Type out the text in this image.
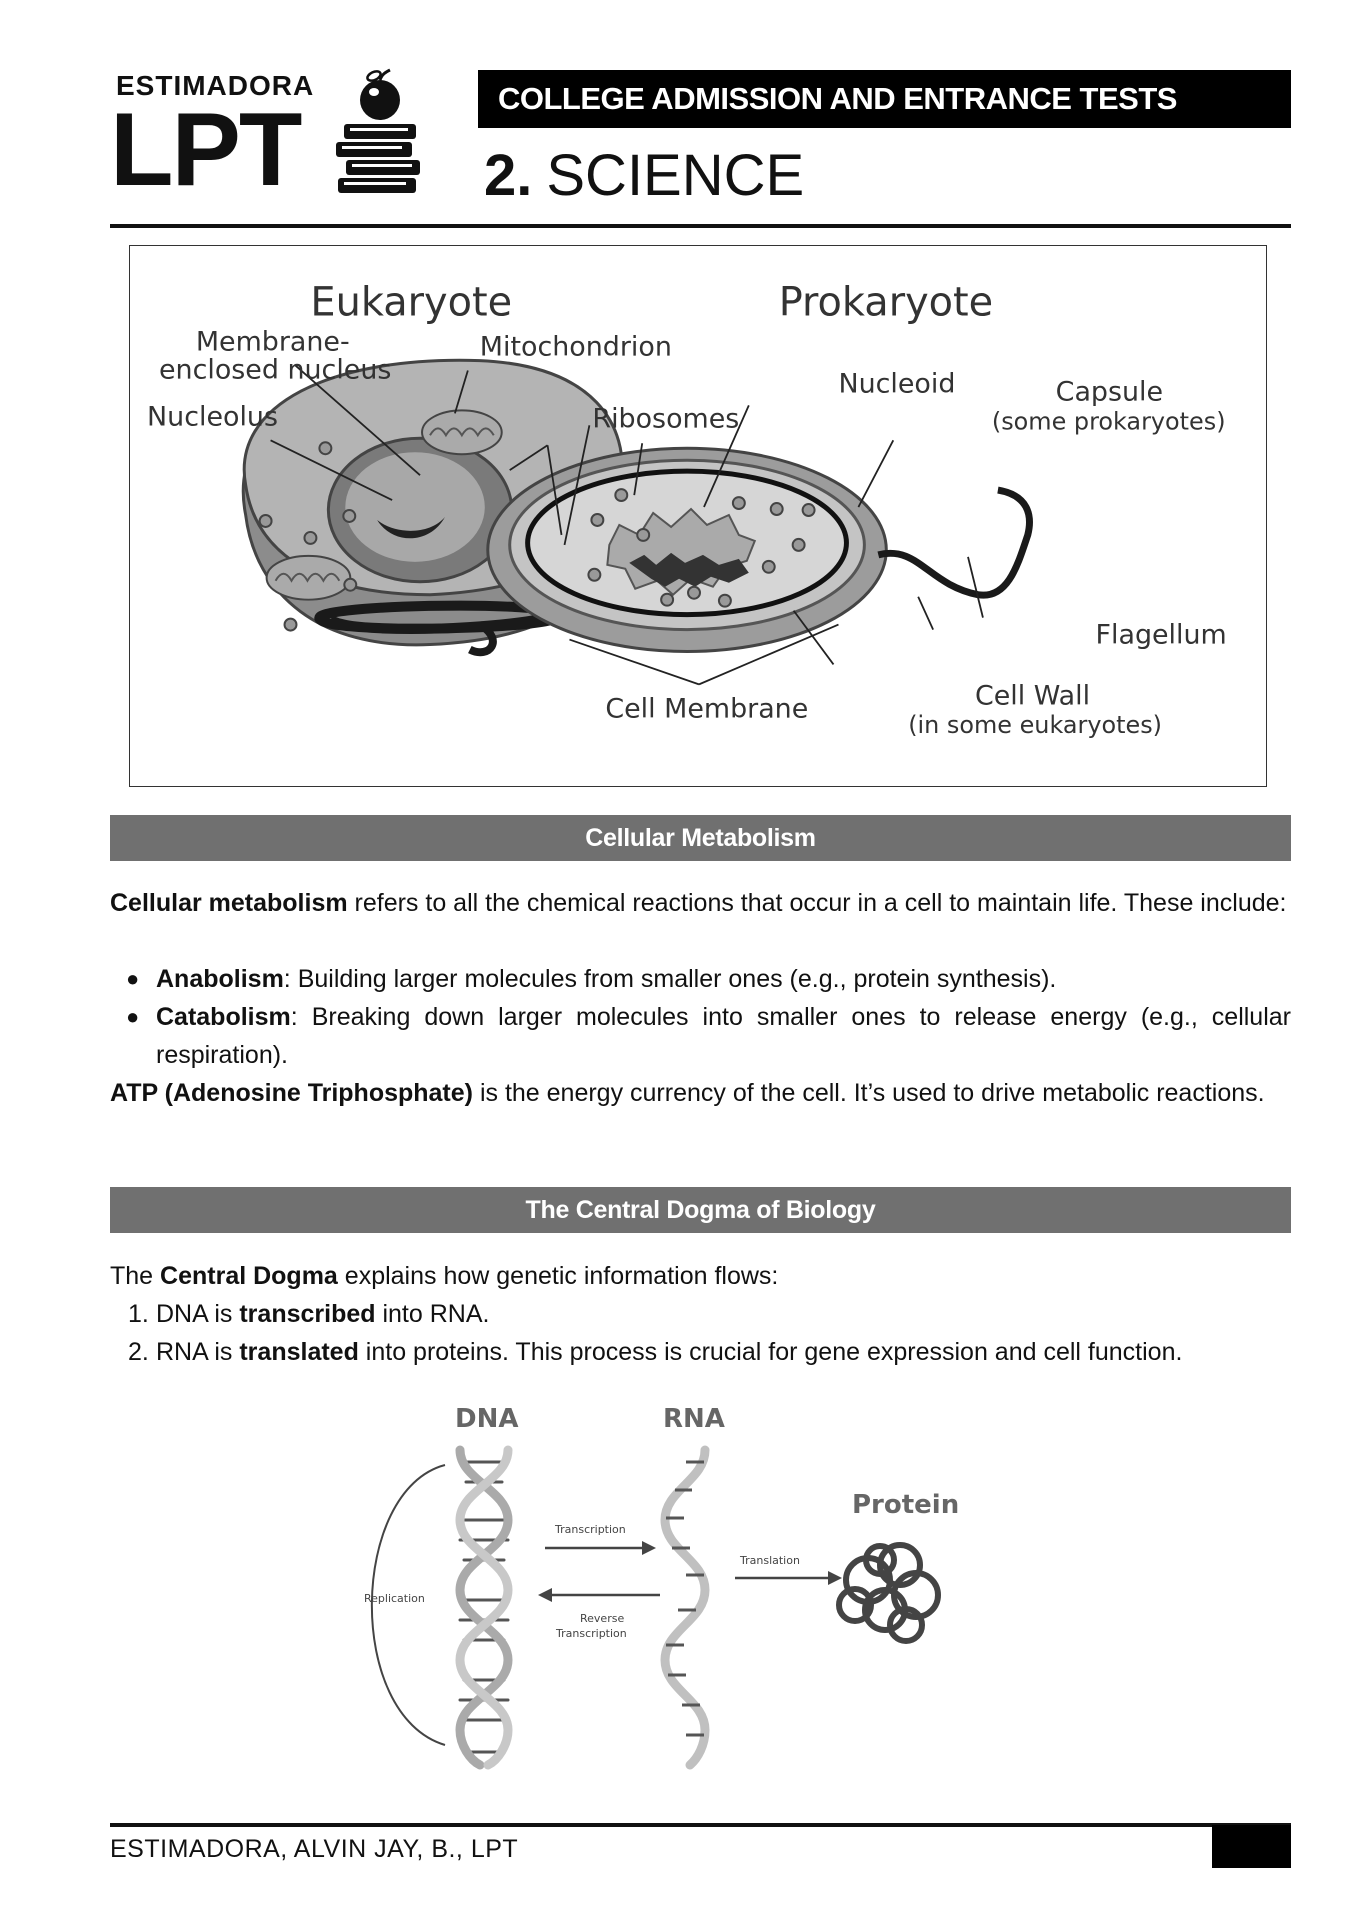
ESTIMADORA
LPT	COLLEGE ADMISSION AND ENTRANCE TESTS
2. SCIENCE
Eukaryote	Prokaryote
Membrane-
enclosed nucleus
Mitochondrion
Nucleolus	Ribosomes
Nucleoid	Capsule
(some prokaryotes)
Flagellum
Cell Membrane	Cell Wall
(in some eukaryotes)
Cellular Metabolism
Cellular metabolism refers to all the chemical reactions that occur in a cell to maintain life. These include:
● Anabolism: Building larger molecules from smaller ones (e.g., protein synthesis).
● Catabolism: Breaking down larger molecules into smaller ones to release energy (e.g., cellular respiration).
ATP (Adenosine Triphosphate) is the energy currency of the cell. It’s used to drive metabolic reactions.
The Central Dogma of Biology
The Central Dogma explains how genetic information flows:
1. DNA is transcribed into RNA.
2. RNA is translated into proteins. This process is crucial for gene expression and cell function.
DNA	RNA
Protein
Transcription
Reverse
Transcription
Translation
Replication
ESTIMADORA, ALVIN JAY, B., LPT
